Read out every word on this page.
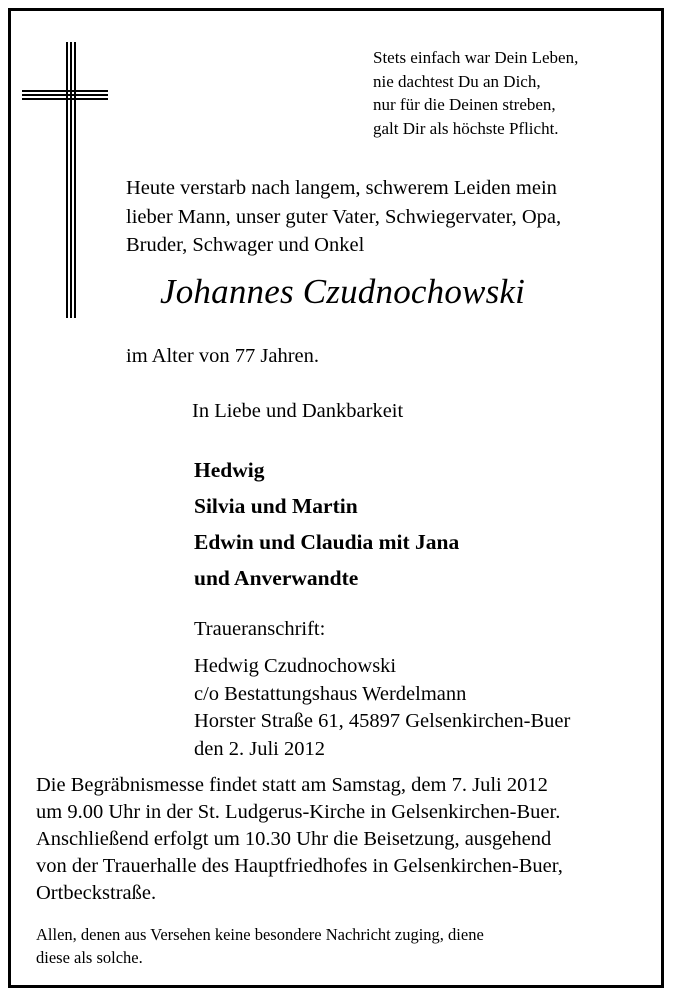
Stets einfach war Dein Leben,
nie dachtest Du an Dich,
nur für die Deinen streben,
galt Dir als höchste Pflicht.
Heute verstarb nach langem, schwerem Leiden mein
lieber Mann, unser guter Vater, Schwiegervater, Opa,
Bruder, Schwager und Onkel
Johannes Czudnochowski
im Alter von 77 Jahren.
In Liebe und Dankbarkeit
Hedwig
Silvia und Martin
Edwin und Claudia mit Jana
und Anverwandte
Traueranschrift:
Hedwig Czudnochowski
c/o Bestattungshaus Werdelmann
Horster Straße 61, 45897 Gelsenkirchen-Buer
den 2. Juli 2012
Die Begräbnismesse findet statt am Samstag, dem 7. Juli 2012
um 9.00 Uhr in der St. Ludgerus-Kirche in Gelsenkirchen-Buer.
Anschließend erfolgt um 10.30 Uhr die Beisetzung, ausgehend
von der Trauerhalle des Hauptfriedhofes in Gelsenkirchen-Buer,
Ortbeckstraße.
Allen, denen aus Versehen keine besondere Nachricht zuging, diene
diese als solche.
